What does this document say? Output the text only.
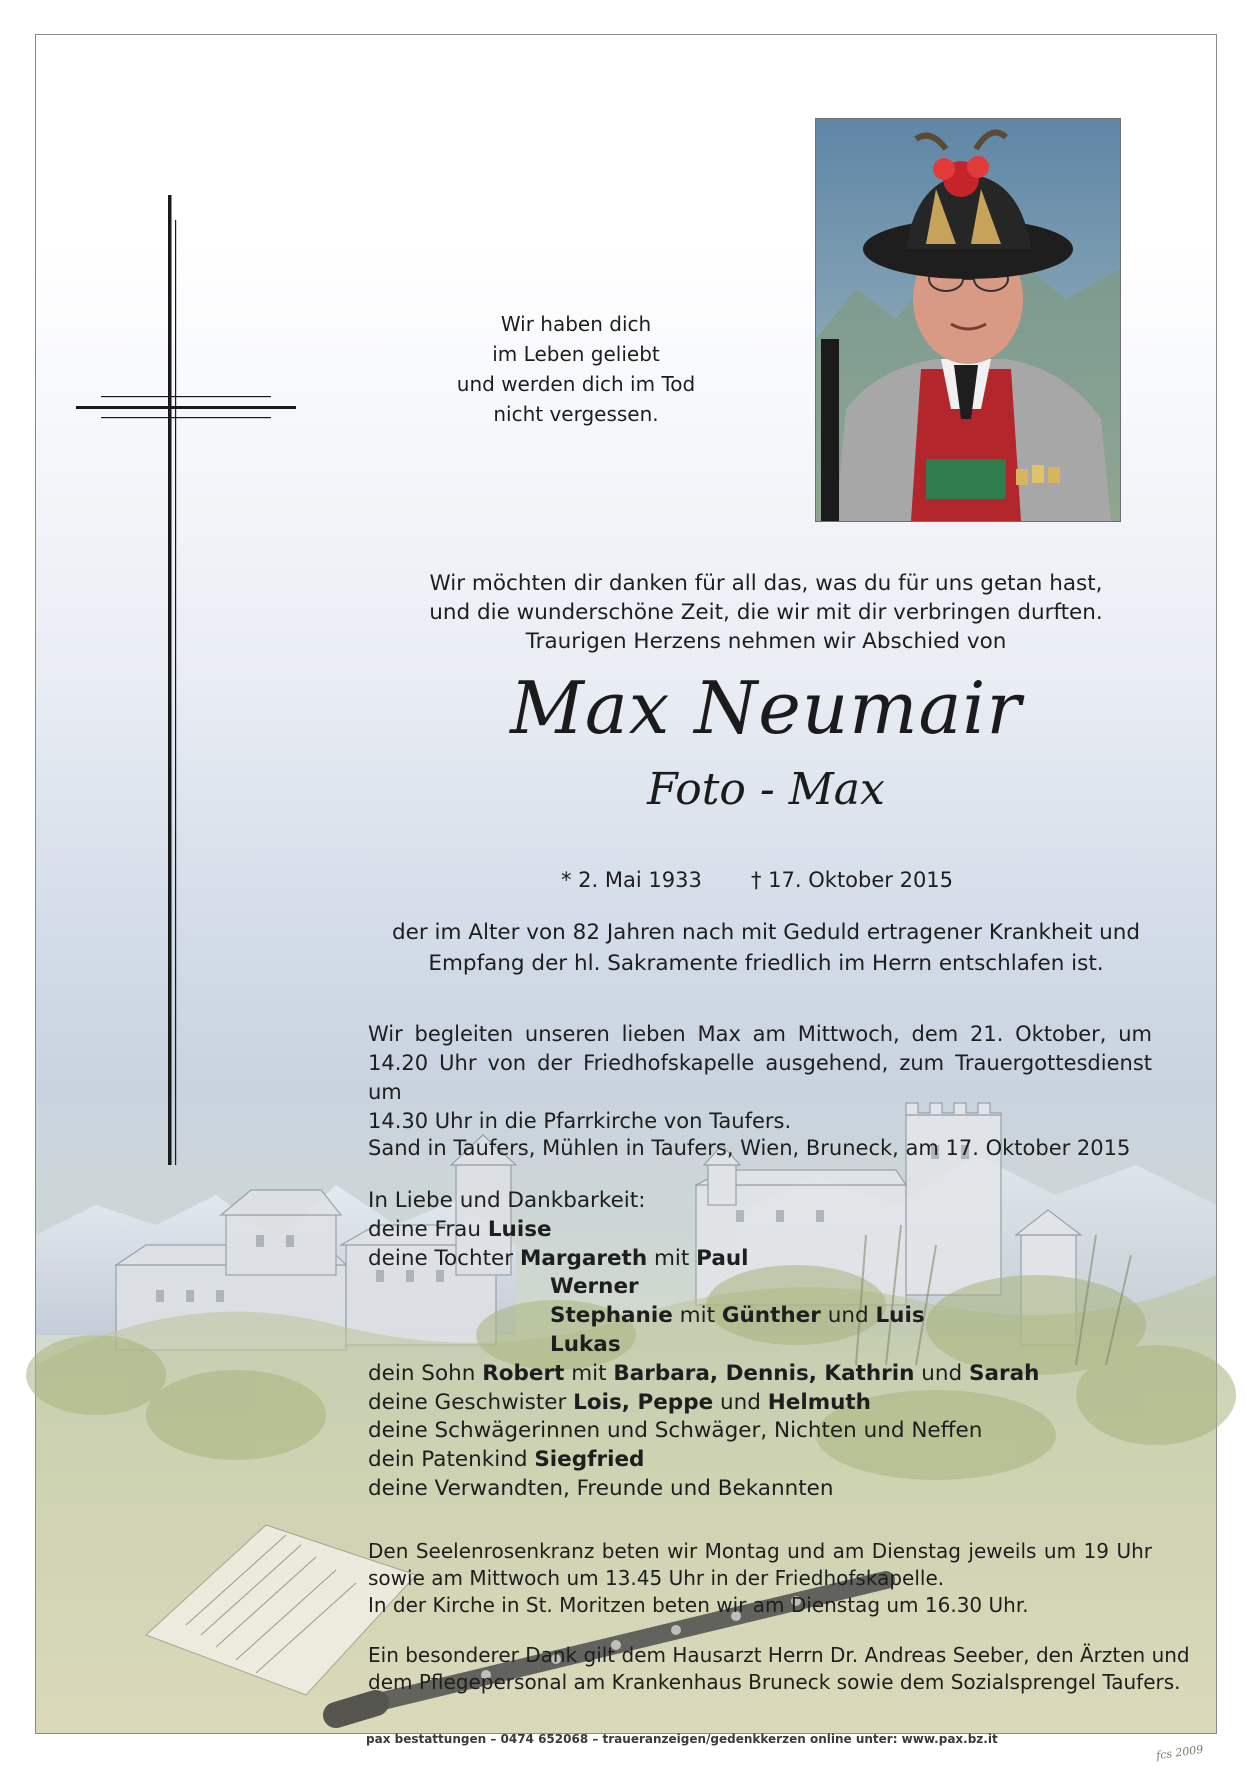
Wir haben dich
im Leben geliebt
und werden dich im Tod
nicht vergessen.
Wir möchten dir danken für all das, was du für uns getan hast,
und die wunderschöne Zeit, die wir mit dir verbringen durften.
Traurigen Herzens nehmen wir Abschied von
Max Neumair
Foto - Max
* 2. Mai 1933 † 17. Oktober 2015
der im Alter von 82 Jahren nach mit Geduld ertragener Krankheit und
Empfang der hl. Sakramente friedlich im Herrn entschlafen ist.
Wir begleiten unseren lieben Max am Mittwoch, dem 21. Oktober, um
14.20 Uhr von der Friedhofskapelle ausgehend, zum Trauergottesdienst um
14.30 Uhr in die Pfarrkirche von Taufers.
Sand in Taufers, Mühlen in Taufers, Wien, Bruneck, am 17. Oktober 2015
In Liebe und Dankbarkeit:
deine Frau Luise
deine Tochter Margareth mit Paul
Werner
Stephanie mit Günther und Luis
Lukas
dein Sohn Robert mit Barbara, Dennis, Kathrin und Sarah
deine Geschwister Lois, Peppe und Helmuth
deine Schwägerinnen und Schwäger, Nichten und Neffen
dein Patenkind Siegfried
deine Verwandten, Freunde und Bekannten
Den Seelenrosenkranz beten wir Montag und am Dienstag jeweils um 19 Uhr
sowie am Mittwoch um 13.45 Uhr in der Friedhofskapelle.
In der Kirche in St. Moritzen beten wir am Dienstag um 16.30 Uhr.
Ein besonderer Dank gilt dem Hausarzt Herrn Dr. Andreas Seeber, den Ärzten und
dem Pflegepersonal am Krankenhaus Bruneck sowie dem Sozialsprengel Taufers.
pax bestattungen – 0474 652068 – traueranzeigen/gedenkkerzen online unter: www.pax.bz.it
fcs 2009
